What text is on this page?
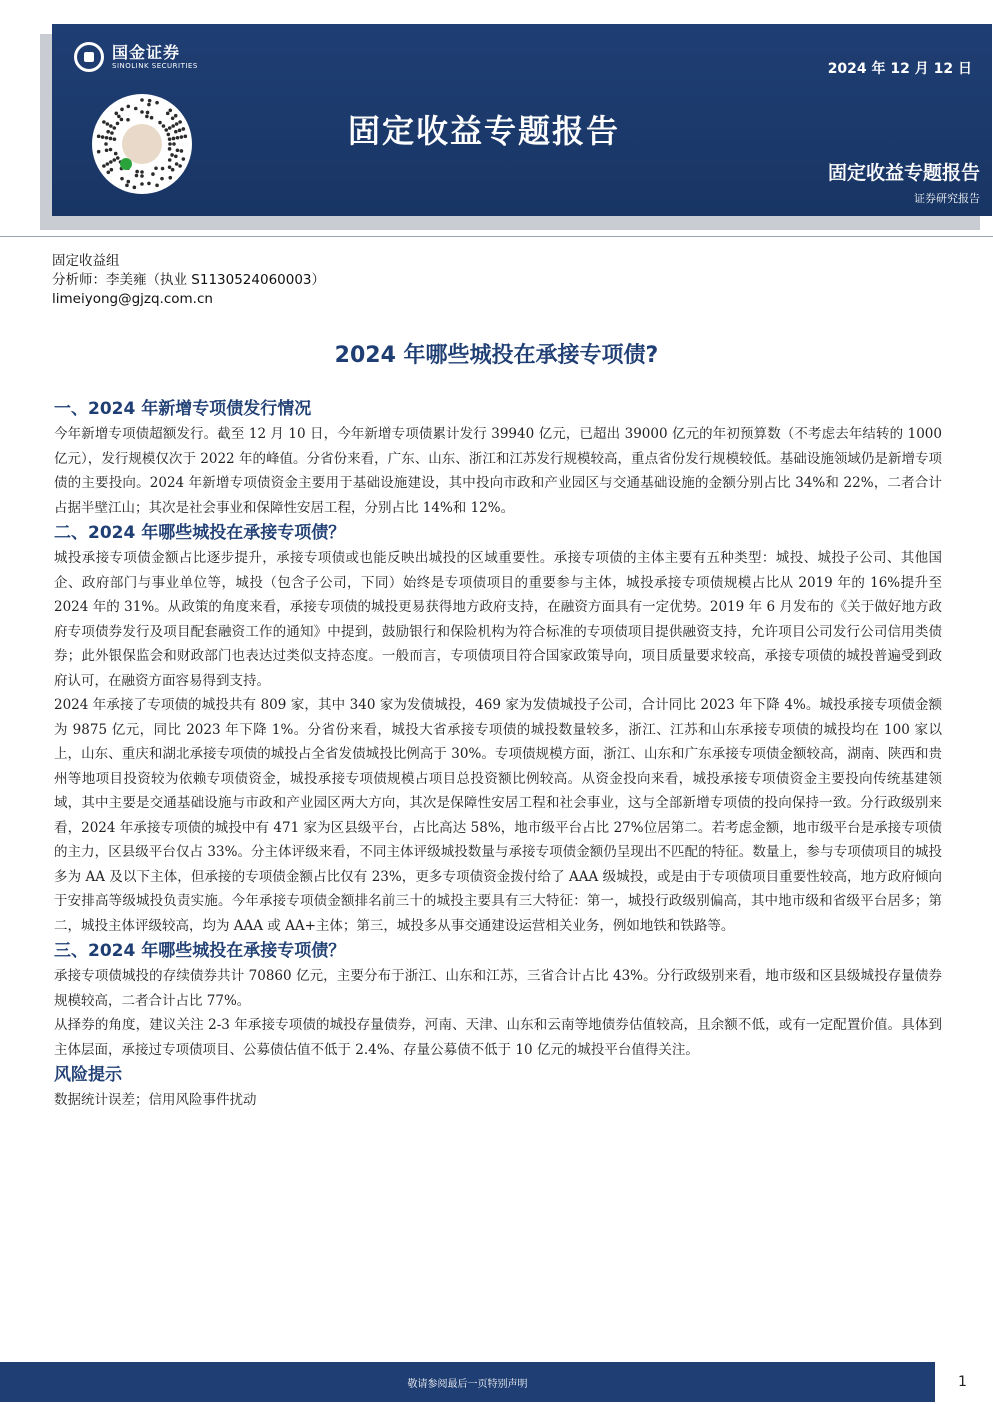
国金证券
SINOLINK SECURITIES	2024 年 12 月 12 日
固定收益专题报告
固定收益专题报告
证券研究报告
固定收益组
分析师：李美雍（执业 S1130524060003）
limeiyong@gjzq.com.cn
2024 年哪些城投在承接专项债?
一、2024 年新增专项债发行情况
今年新增专项债超额发行。截至 12 月 10 日，今年新增专项债累计发行 39940 亿元，已超出 39000 亿元的年初预算数（不考虑去年结转的 1000 亿元），发行规模仅次于 2022 年的峰值。分省份来看，广东、山东、浙江和江苏发行规模较高，重点省份发行规模较低。基础设施领域仍是新增专项债的主要投向。2024 年新增专项债资金主要用于基础设施建设，其中投向市政和产业园区与交通基础设施的金额分别占比 34%和 22%，二者合计占据半壁江山；其次是社会事业和保障性安居工程，分别占比 14%和 12%。
二、2024 年哪些城投在承接专项债？
城投承接专项债金额占比逐步提升，承接专项债或也能反映出城投的区域重要性。承接专项债的主体主要有五种类型：城投、城投子公司、其他国企、政府部门与事业单位等，城投（包含子公司，下同）始终是专项债项目的重要参与主体，城投承接专项债规模占比从 2019 年的 16%提升至 2024 年的 31%。从政策的角度来看，承接专项债的城投更易获得地方政府支持，在融资方面具有一定优势。2019 年 6 月发布的《关于做好地方政府专项债券发行及项目配套融资工作的通知》中提到，鼓励银行和保险机构为符合标准的专项债项目提供融资支持，允许项目公司发行公司信用类债券；此外银保监会和财政部门也表达过类似支持态度。一般而言，专项债项目符合国家政策导向，项目质量要求较高，承接专项债的城投普遍受到政府认可，在融资方面容易得到支持。
2024 年承接了专项债的城投共有 809 家，其中 340 家为发债城投，469 家为发债城投子公司，合计同比 2023 年下降 4%。城投承接专项债金额为 9875 亿元，同比 2023 年下降 1%。分省份来看，城投大省承接专项债的城投数量较多，浙江、江苏和山东承接专项债的城投均在 100 家以上，山东、重庆和湖北承接专项债的城投占全省发债城投比例高于 30%。专项债规模方面，浙江、山东和广东承接专项债金额较高，湖南、陕西和贵州等地项目投资较为依赖专项债资金，城投承接专项债规模占项目总投资额比例较高。从资金投向来看，城投承接专项债资金主要投向传统基建领域，其中主要是交通基础设施与市政和产业园区两大方向，其次是保障性安居工程和社会事业，这与全部新增专项债的投向保持一致。分行政级别来看，2024 年承接专项债的城投中有 471 家为区县级平台，占比高达 58%，地市级平台占比 27%位居第二。若考虑金额，地市级平台是承接专项债的主力，区县级平台仅占 33%。分主体评级来看，不同主体评级城投数量与承接专项债金额仍呈现出不匹配的特征。数量上，参与专项债项目的城投多为 AA 及以下主体，但承接的专项债金额占比仅有 23%，更多专项债资金拨付给了 AAA 级城投，或是由于专项债项目重要性较高，地方政府倾向于安排高等级城投负责实施。今年承接专项债金额排名前三十的城投主要具有三大特征：第一，城投行政级别偏高，其中地市级和省级平台居多；第二，城投主体评级较高，均为 AAA 或 AA+主体；第三，城投多从事交通建设运营相关业务，例如地铁和铁路等。
三、2024 年哪些城投在承接专项债？
承接专项债城投的存续债券共计 70860 亿元，主要分布于浙江、山东和江苏，三省合计占比 43%。分行政级别来看，地市级和区县级城投存量债券规模较高，二者合计占比 77%。
从择券的角度，建议关注 2-3 年承接专项债的城投存量债券，河南、天津、山东和云南等地债券估值较高，且余额不低，或有一定配置价值。具体到主体层面，承接过专项债项目、公募债估值不低于 2.4%、存量公募债不低于 10 亿元的城投平台值得关注。
风险提示
数据统计误差；信用风险事件扰动
敬请参阅最后一页特别声明	1
